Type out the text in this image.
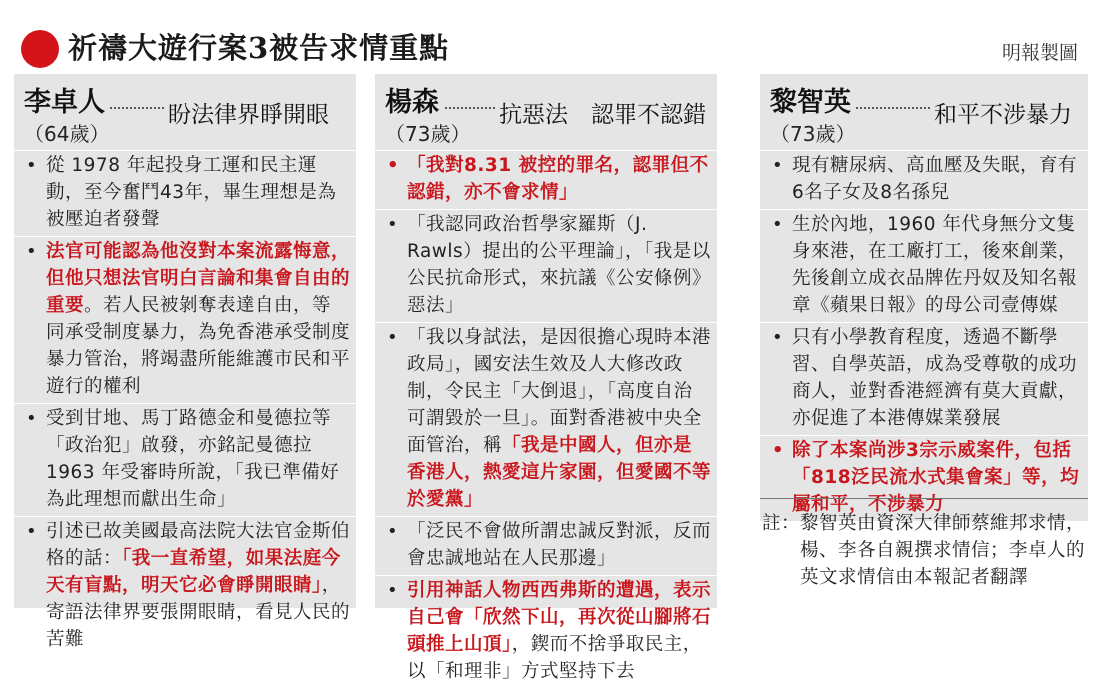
祈禱大遊行案3被告求情重點	明報製圖
李卓人
（64歲）
盼法律界睜開眼
• 從 1978 年起投身工運和民主運動，至今奮鬥43年，畢生理想是為被壓迫者發聲
• 法官可能認為他沒對本案流露悔意，但他只想法官明白言論和集會自由的重要。若人民被剝奪表達自由，等同承受制度暴力，為免香港承受制度暴力管治，將竭盡所能維護市民和平遊行的權利
• 受到甘地、馬丁路德金和曼德拉等「政治犯」啟發，亦銘記曼德拉1963 年受審時所說，「我已準備好為此理想而獻出生命」
• 引述已故美國最高法院大法官金斯伯格的話：「我一直希望，如果法庭今天有盲點，明天它必會睜開眼睛」，寄語法律界要張開眼睛，看見人民的苦難
楊森
（73歲）
抗惡法　認罪不認錯
• 「我對8.31 被控的罪名，認罪但不認錯，亦不會求情」
• 「我認同政治哲學家羅斯（J. Rawls）提出的公平理論」，「我是以公民抗命形式，來抗議《公安條例》惡法」
• 「我以身試法，是因很擔心現時本港政局」，國安法生效及人大修改政制，令民主「大倒退」，「高度自治可謂毀於一旦」。面對香港被中央全面管治，稱「我是中國人，但亦是香港人，熱愛這片家園，但愛國不等於愛黨」
• 「泛民不會做所謂忠誠反對派，反而會忠誠地站在人民那邊」
• 引用神話人物西西弗斯的遭遇，表示自己會「欣然下山，再次從山腳將石頭推上山頂」，鍥而不捨爭取民主，以「和理非」方式堅持下去
黎智英
（73歲）
和平不涉暴力
• 現有糖尿病、高血壓及失眠，育有6名子女及8名孫兒
• 生於內地，1960 年代身無分文隻身來港，在工廠打工，後來創業，先後創立成衣品牌佐丹奴及知名報章《蘋果日報》的母公司壹傳媒
• 只有小學教育程度，透過不斷學習、自學英語，成為受尊敬的成功商人，並對香港經濟有莫大貢獻，亦促進了本港傳媒業發展
• 除了本案尚涉3宗示威案件，包括「818泛民流水式集會案」等，均屬和平，不涉暴力
註： 黎智英由資深大律師蔡維邦求情，楊、李各自親撰求情信；李卓人的英文求情信由本報記者翻譯
